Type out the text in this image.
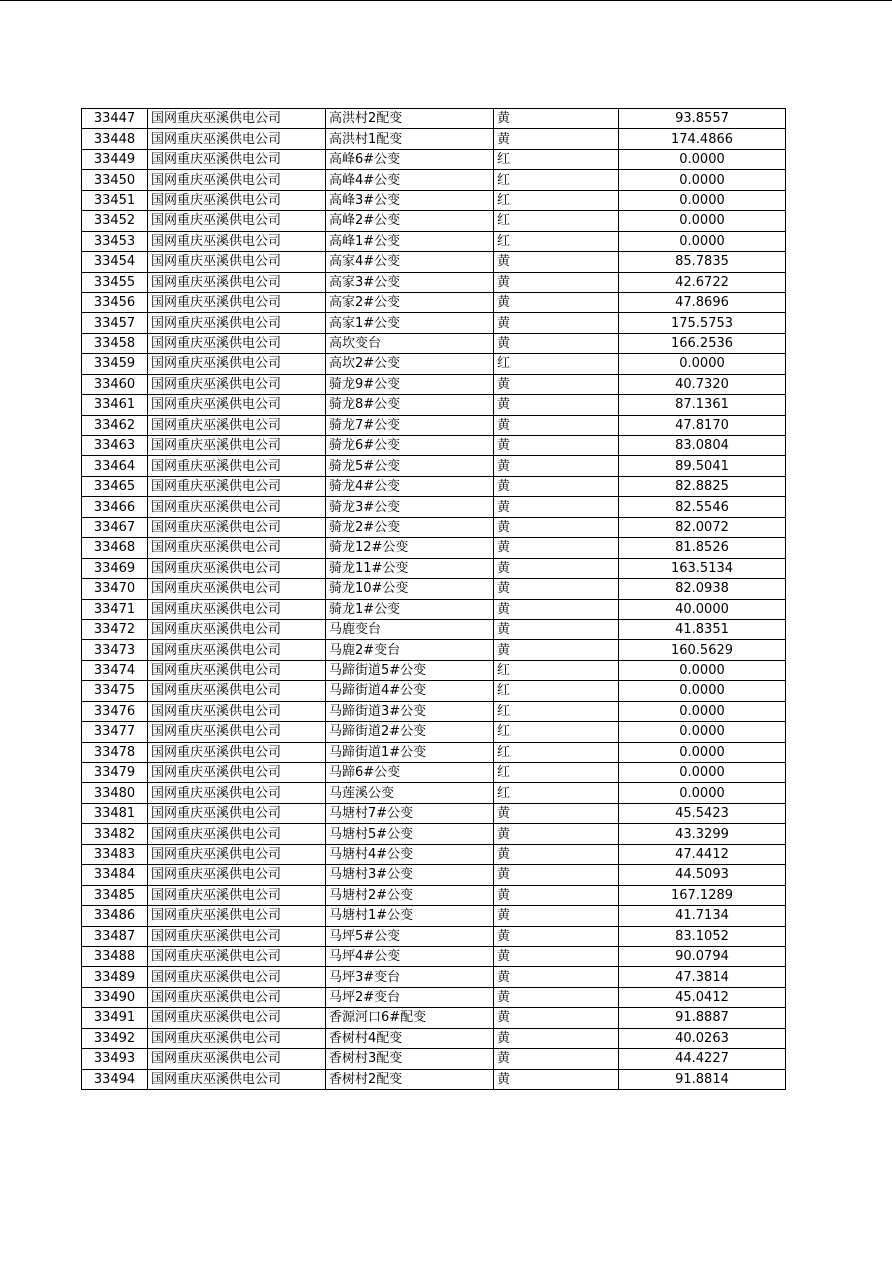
33447	国网重庆巫溪供电公司	高洪村2配变	黄	93.8557
33448	国网重庆巫溪供电公司	高洪村1配变	黄	174.4866
33449	国网重庆巫溪供电公司	高峰6#公变	红	0.0000
33450	国网重庆巫溪供电公司	高峰4#公变	红	0.0000
33451	国网重庆巫溪供电公司	高峰3#公变	红	0.0000
33452	国网重庆巫溪供电公司	高峰2#公变	红	0.0000
33453	国网重庆巫溪供电公司	高峰1#公变	红	0.0000
33454	国网重庆巫溪供电公司	高家4#公变	黄	85.7835
33455	国网重庆巫溪供电公司	高家3#公变	黄	42.6722
33456	国网重庆巫溪供电公司	高家2#公变	黄	47.8696
33457	国网重庆巫溪供电公司	高家1#公变	黄	175.5753
33458	国网重庆巫溪供电公司	高坎变台	黄	166.2536
33459	国网重庆巫溪供电公司	高坎2#公变	红	0.0000
33460	国网重庆巫溪供电公司	骑龙9#公变	黄	40.7320
33461	国网重庆巫溪供电公司	骑龙8#公变	黄	87.1361
33462	国网重庆巫溪供电公司	骑龙7#公变	黄	47.8170
33463	国网重庆巫溪供电公司	骑龙6#公变	黄	83.0804
33464	国网重庆巫溪供电公司	骑龙5#公变	黄	89.5041
33465	国网重庆巫溪供电公司	骑龙4#公变	黄	82.8825
33466	国网重庆巫溪供电公司	骑龙3#公变	黄	82.5546
33467	国网重庆巫溪供电公司	骑龙2#公变	黄	82.0072
33468	国网重庆巫溪供电公司	骑龙12#公变	黄	81.8526
33469	国网重庆巫溪供电公司	骑龙11#公变	黄	163.5134
33470	国网重庆巫溪供电公司	骑龙10#公变	黄	82.0938
33471	国网重庆巫溪供电公司	骑龙1#公变	黄	40.0000
33472	国网重庆巫溪供电公司	马鹿变台	黄	41.8351
33473	国网重庆巫溪供电公司	马鹿2#变台	黄	160.5629
33474	国网重庆巫溪供电公司	马蹄街道5#公变	红	0.0000
33475	国网重庆巫溪供电公司	马蹄街道4#公变	红	0.0000
33476	国网重庆巫溪供电公司	马蹄街道3#公变	红	0.0000
33477	国网重庆巫溪供电公司	马蹄街道2#公变	红	0.0000
33478	国网重庆巫溪供电公司	马蹄街道1#公变	红	0.0000
33479	国网重庆巫溪供电公司	马蹄6#公变	红	0.0000
33480	国网重庆巫溪供电公司	马莲溪公变	红	0.0000
33481	国网重庆巫溪供电公司	马塘村7#公变	黄	45.5423
33482	国网重庆巫溪供电公司	马塘村5#公变	黄	43.3299
33483	国网重庆巫溪供电公司	马塘村4#公变	黄	47.4412
33484	国网重庆巫溪供电公司	马塘村3#公变	黄	44.5093
33485	国网重庆巫溪供电公司	马塘村2#公变	黄	167.1289
33486	国网重庆巫溪供电公司	马塘村1#公变	黄	41.7134
33487	国网重庆巫溪供电公司	马坪5#公变	黄	83.1052
33488	国网重庆巫溪供电公司	马坪4#公变	黄	90.0794
33489	国网重庆巫溪供电公司	马坪3#变台	黄	47.3814
33490	国网重庆巫溪供电公司	马坪2#变台	黄	45.0412
33491	国网重庆巫溪供电公司	香源河口6#配变	黄	91.8887
33492	国网重庆巫溪供电公司	香树村4配变	黄	40.0263
33493	国网重庆巫溪供电公司	香树村3配变	黄	44.4227
33494	国网重庆巫溪供电公司	香树村2配变	黄	91.8814
